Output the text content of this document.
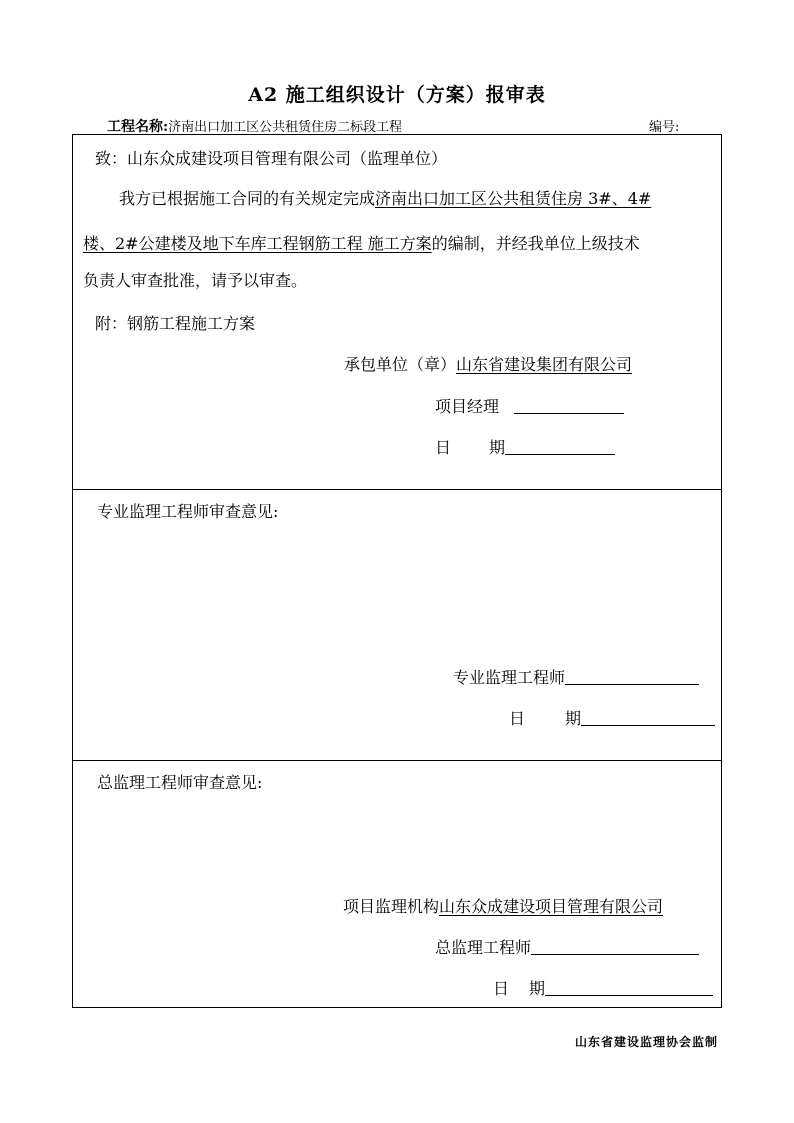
A2 施工组织设计（方案）报审表
工程名称:济南出口加工区公共租赁住房二标段工程	编号:
致：山东众成建设项目管理有限公司（监理单位）
我方已根据施工合同的有关规定完成济南出口加工区公共租赁住房 3#、4#
楼、2#公建楼及地下车库工程钢筋工程 施工方案的编制，并经我单位上级技术
负责人审查批准，请予以审查。
附：钢筋工程施工方案
承包单位（章）山东省建设集团有限公司
项目经理
日 期
专业监理工程师审查意见:
专业监理工程师
日	期
总监理工程师审查意见:
项目监理机构山东众成建设项目管理有限公司
总监理工程师
日 期
山东省建设监理协会监制
